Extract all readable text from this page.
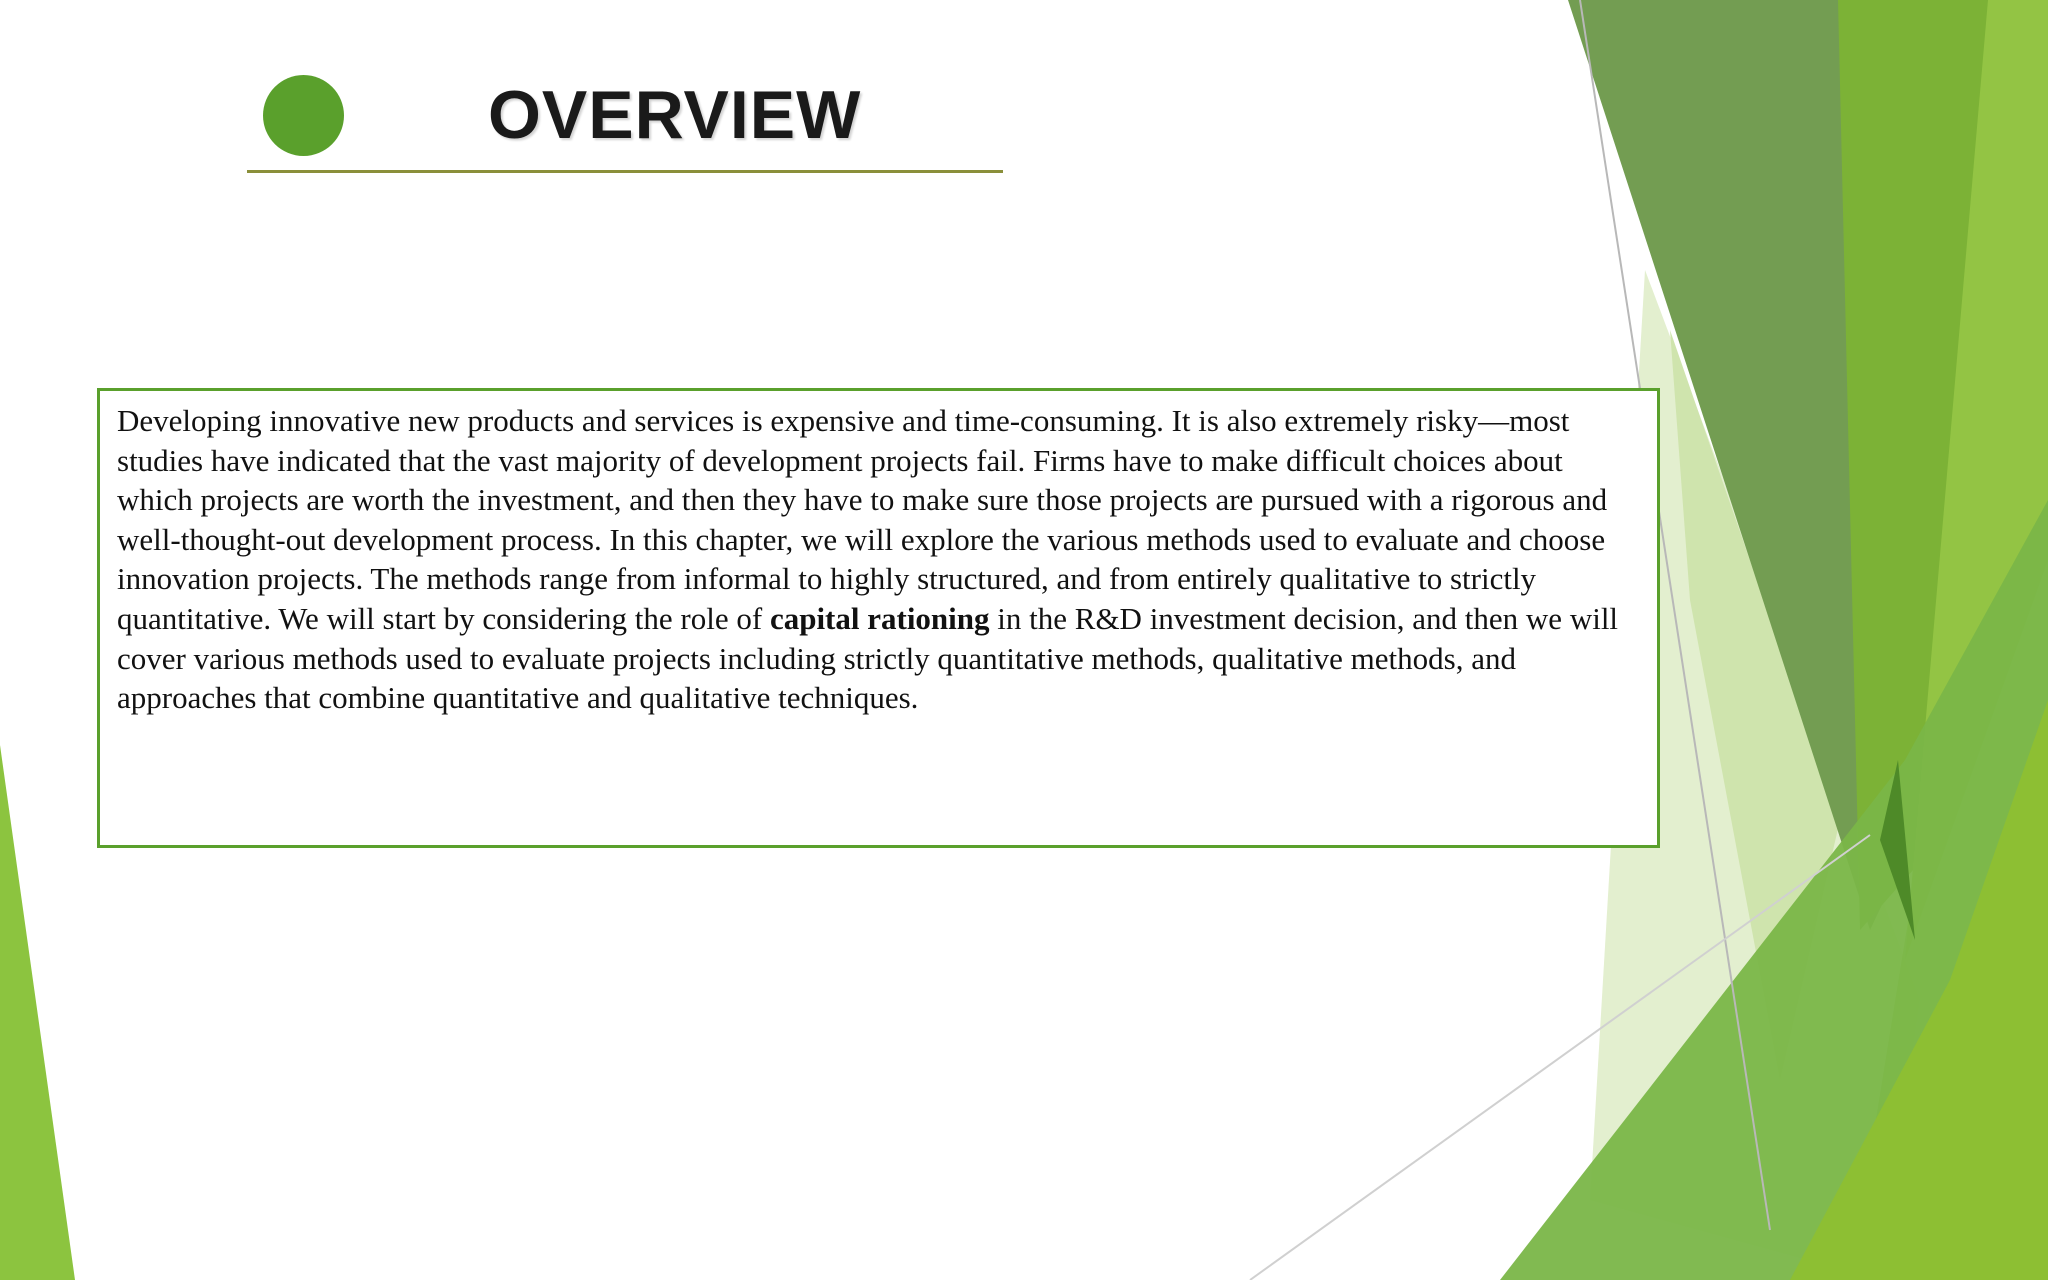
OVERVIEW

Developing innovative new products and services is expensive and time-consuming. It is also extremely risky—most studies have indicated that the vast majority of development projects fail. Firms have to make difficult choices about which projects are worth the investment, and then they have to make sure those projects are pursued with a rigorous and well-thought-out development process. In this chapter, we will explore the various methods used to evaluate and choose innovation projects. The methods range from informal to highly structured, and from entirely qualitative to strictly quantitative. We will start by considering the role of capital rationing in the R&D investment decision, and then we will cover various methods used to evaluate projects including strictly quantitative methods, qualitative methods, and approaches that combine quantitative and qualitative techniques.
